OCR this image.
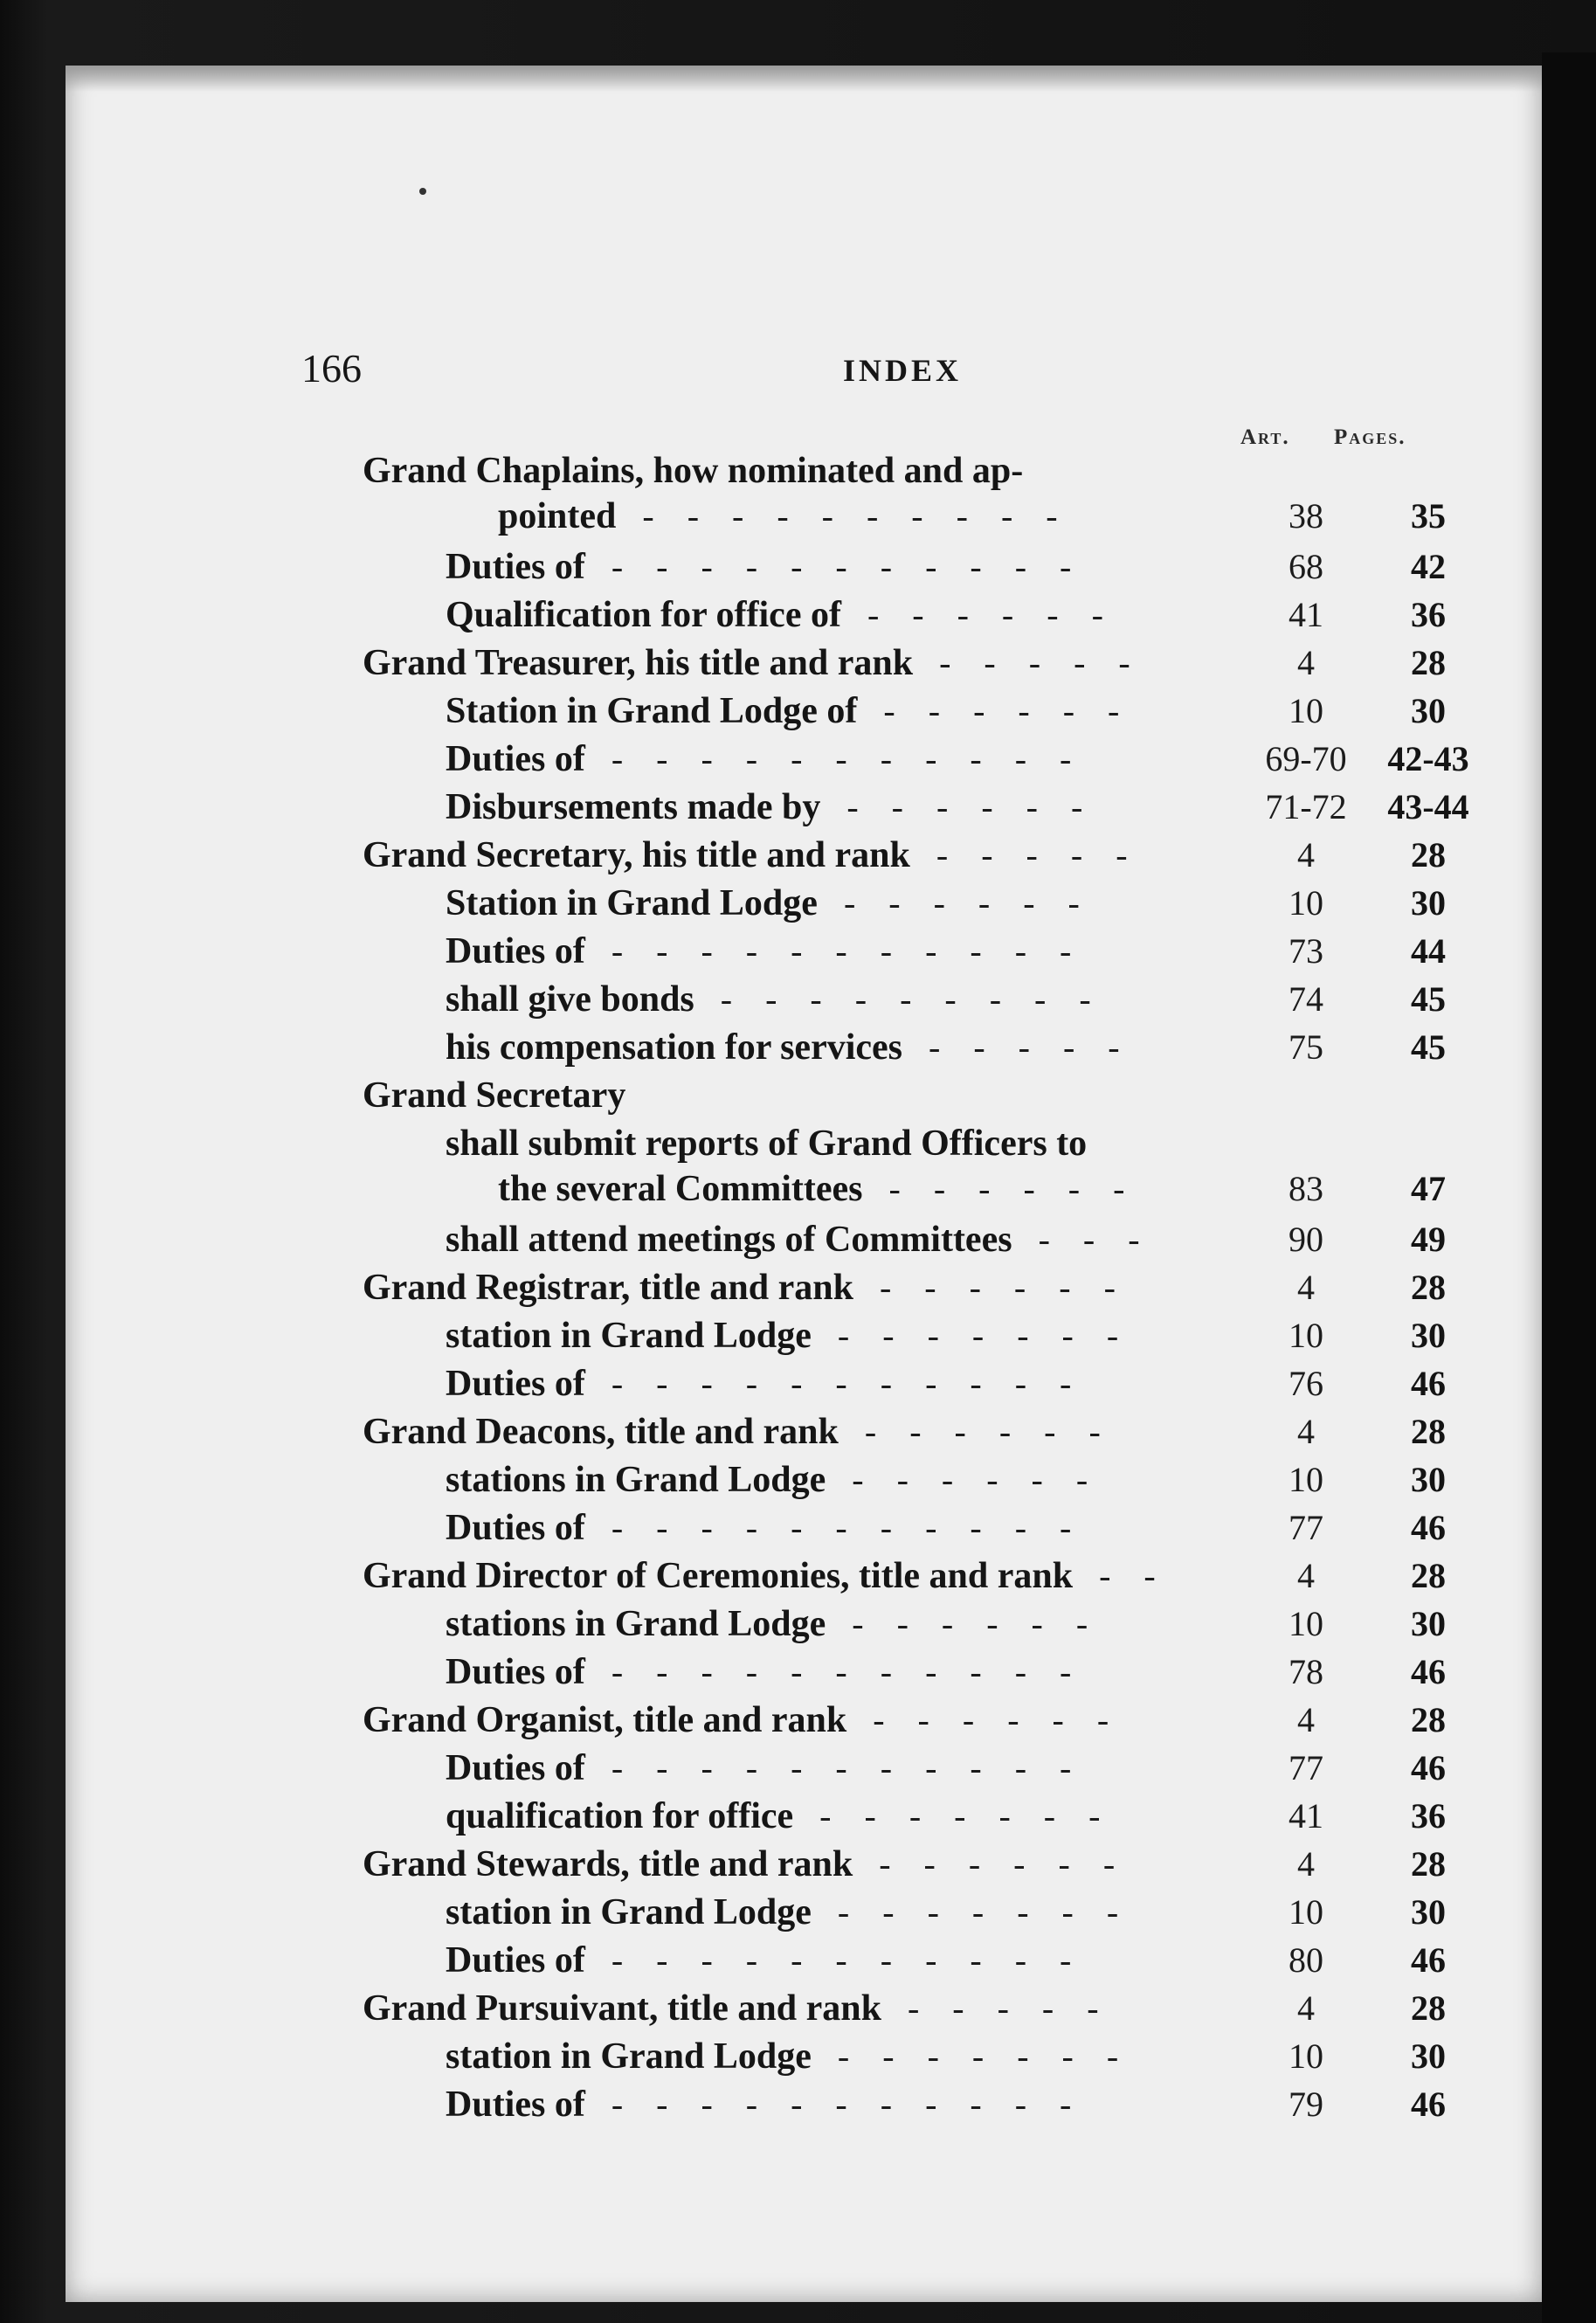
166	INDEX
Art. Pages.
Grand Chaplains, how nominated and ap-
pointed	38	35
----------
Duties of	68	42
-----------
Qualification for office of	41	36
------
Grand Treasurer, his title and rank	4	28
-----
Station in Grand Lodge of	10	30
------
Duties of	69-70	42-43
-----------
Disbursements made by	71-72	43-44
------
Grand Secretary, his title and rank	4	28
-----
Station in Grand Lodge	10	30
------
Duties of	73	44
-----------
shall give bonds	74	45
---------
his compensation for services	75	45
-----
Grand Secretary
shall submit reports of Grand Officers to
the several Committees	83	47
------
shall attend meetings of Committees	90	49
---
Grand Registrar, title and rank	4	28
------
station in Grand Lodge	10	30
-------
Duties of	76	46
-----------
Grand Deacons, title and rank	4	28
------
stations in Grand Lodge	10	30
------
Duties of	77	46
-----------
Grand Director of Ceremonies, title and rank	4	28
--
stations in Grand Lodge	10	30
------
Duties of	78	46
-----------
Grand Organist, title and rank	4	28
------
Duties of	77	46
-----------
qualification for office	41	36
-------
Grand Stewards, title and rank	4	28
------
station in Grand Lodge	10	30
-------
Duties of	80	46
-----------
Grand Pursuivant, title and rank	4	28
-----
station in Grand Lodge	10	30
-------
Duties of	79	46
-----------
